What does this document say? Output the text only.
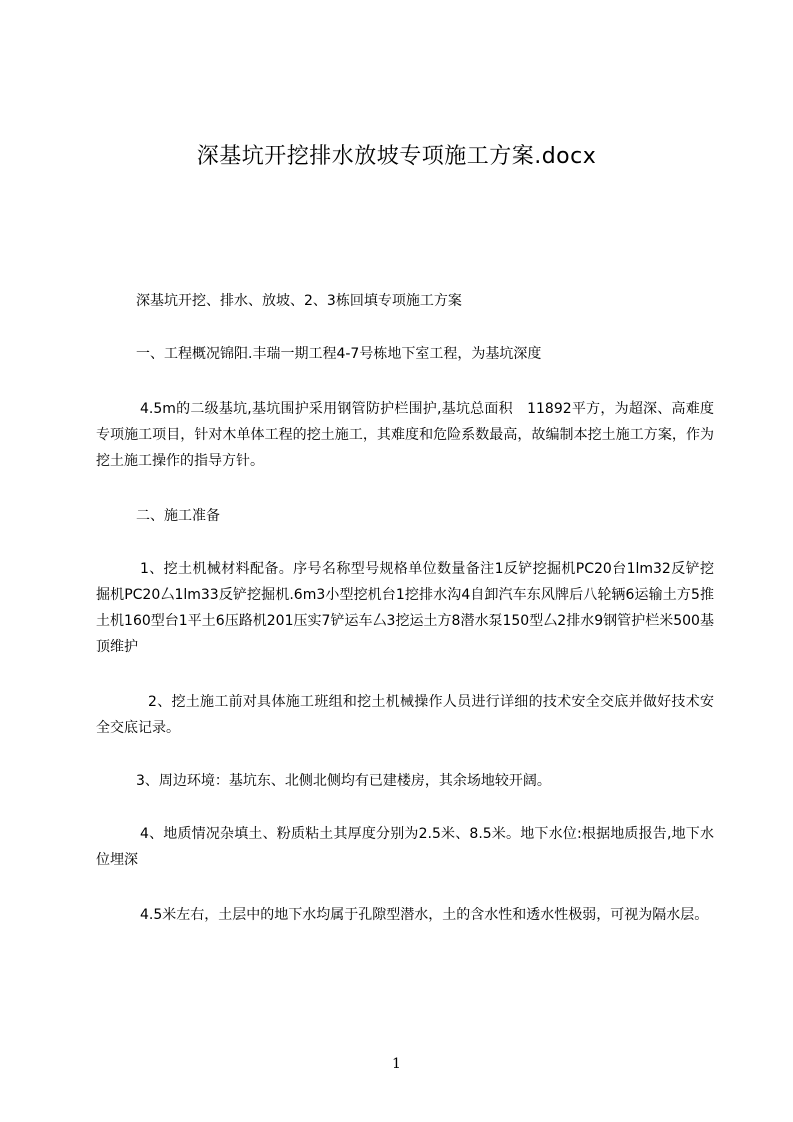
深基坑开挖排水放坡专项施工方案.docx
深基坑开挖、排水、放坡、2、3栋回填专项施工方案
一、工程概况锦阳.丰瑞一期工程4-7号栋地下室工程，为基坑深度
4.5m的二级基坑,基坑围护采用钢管防护栏围护,基坑总面积　11892平方，为超深、高难度专项施工项目，针对木单体工程的挖土施工，其难度和危险系数最高，故编制本挖土施工方案，作为挖土施工操作的指导方针。
二、施工准备
1、挖土机械材料配备。序号名称型号规格单位数量备注1反铲挖掘机PC20台1lm32反铲挖掘机PC20厶1lm33反铲挖掘机.6m3小型挖机台1挖排水沟4自卸汽车东风牌后八轮辆6运输土方5推土机160型台1平土6压路机201压实7铲运车厶3挖运土方8潜水泵150型厶2排水9钢管护栏米500基顶维护
2、挖土施工前对具体施工班组和挖土机械操作人员进行详细的技术安全交底并做好技术安全交底记录。
3、周边环境：基坑东、北侧北侧均有已建楼房，其余场地较开阔。
4、地质情况杂填土、粉质粘土其厚度分别为2.5米、8.5米。地下水位:根据地质报告,地下水位埋深
4.5米左右，土层中的地下水均属于孔隙型潜水，土的含水性和透水性极弱，可视为隔水层。
1
